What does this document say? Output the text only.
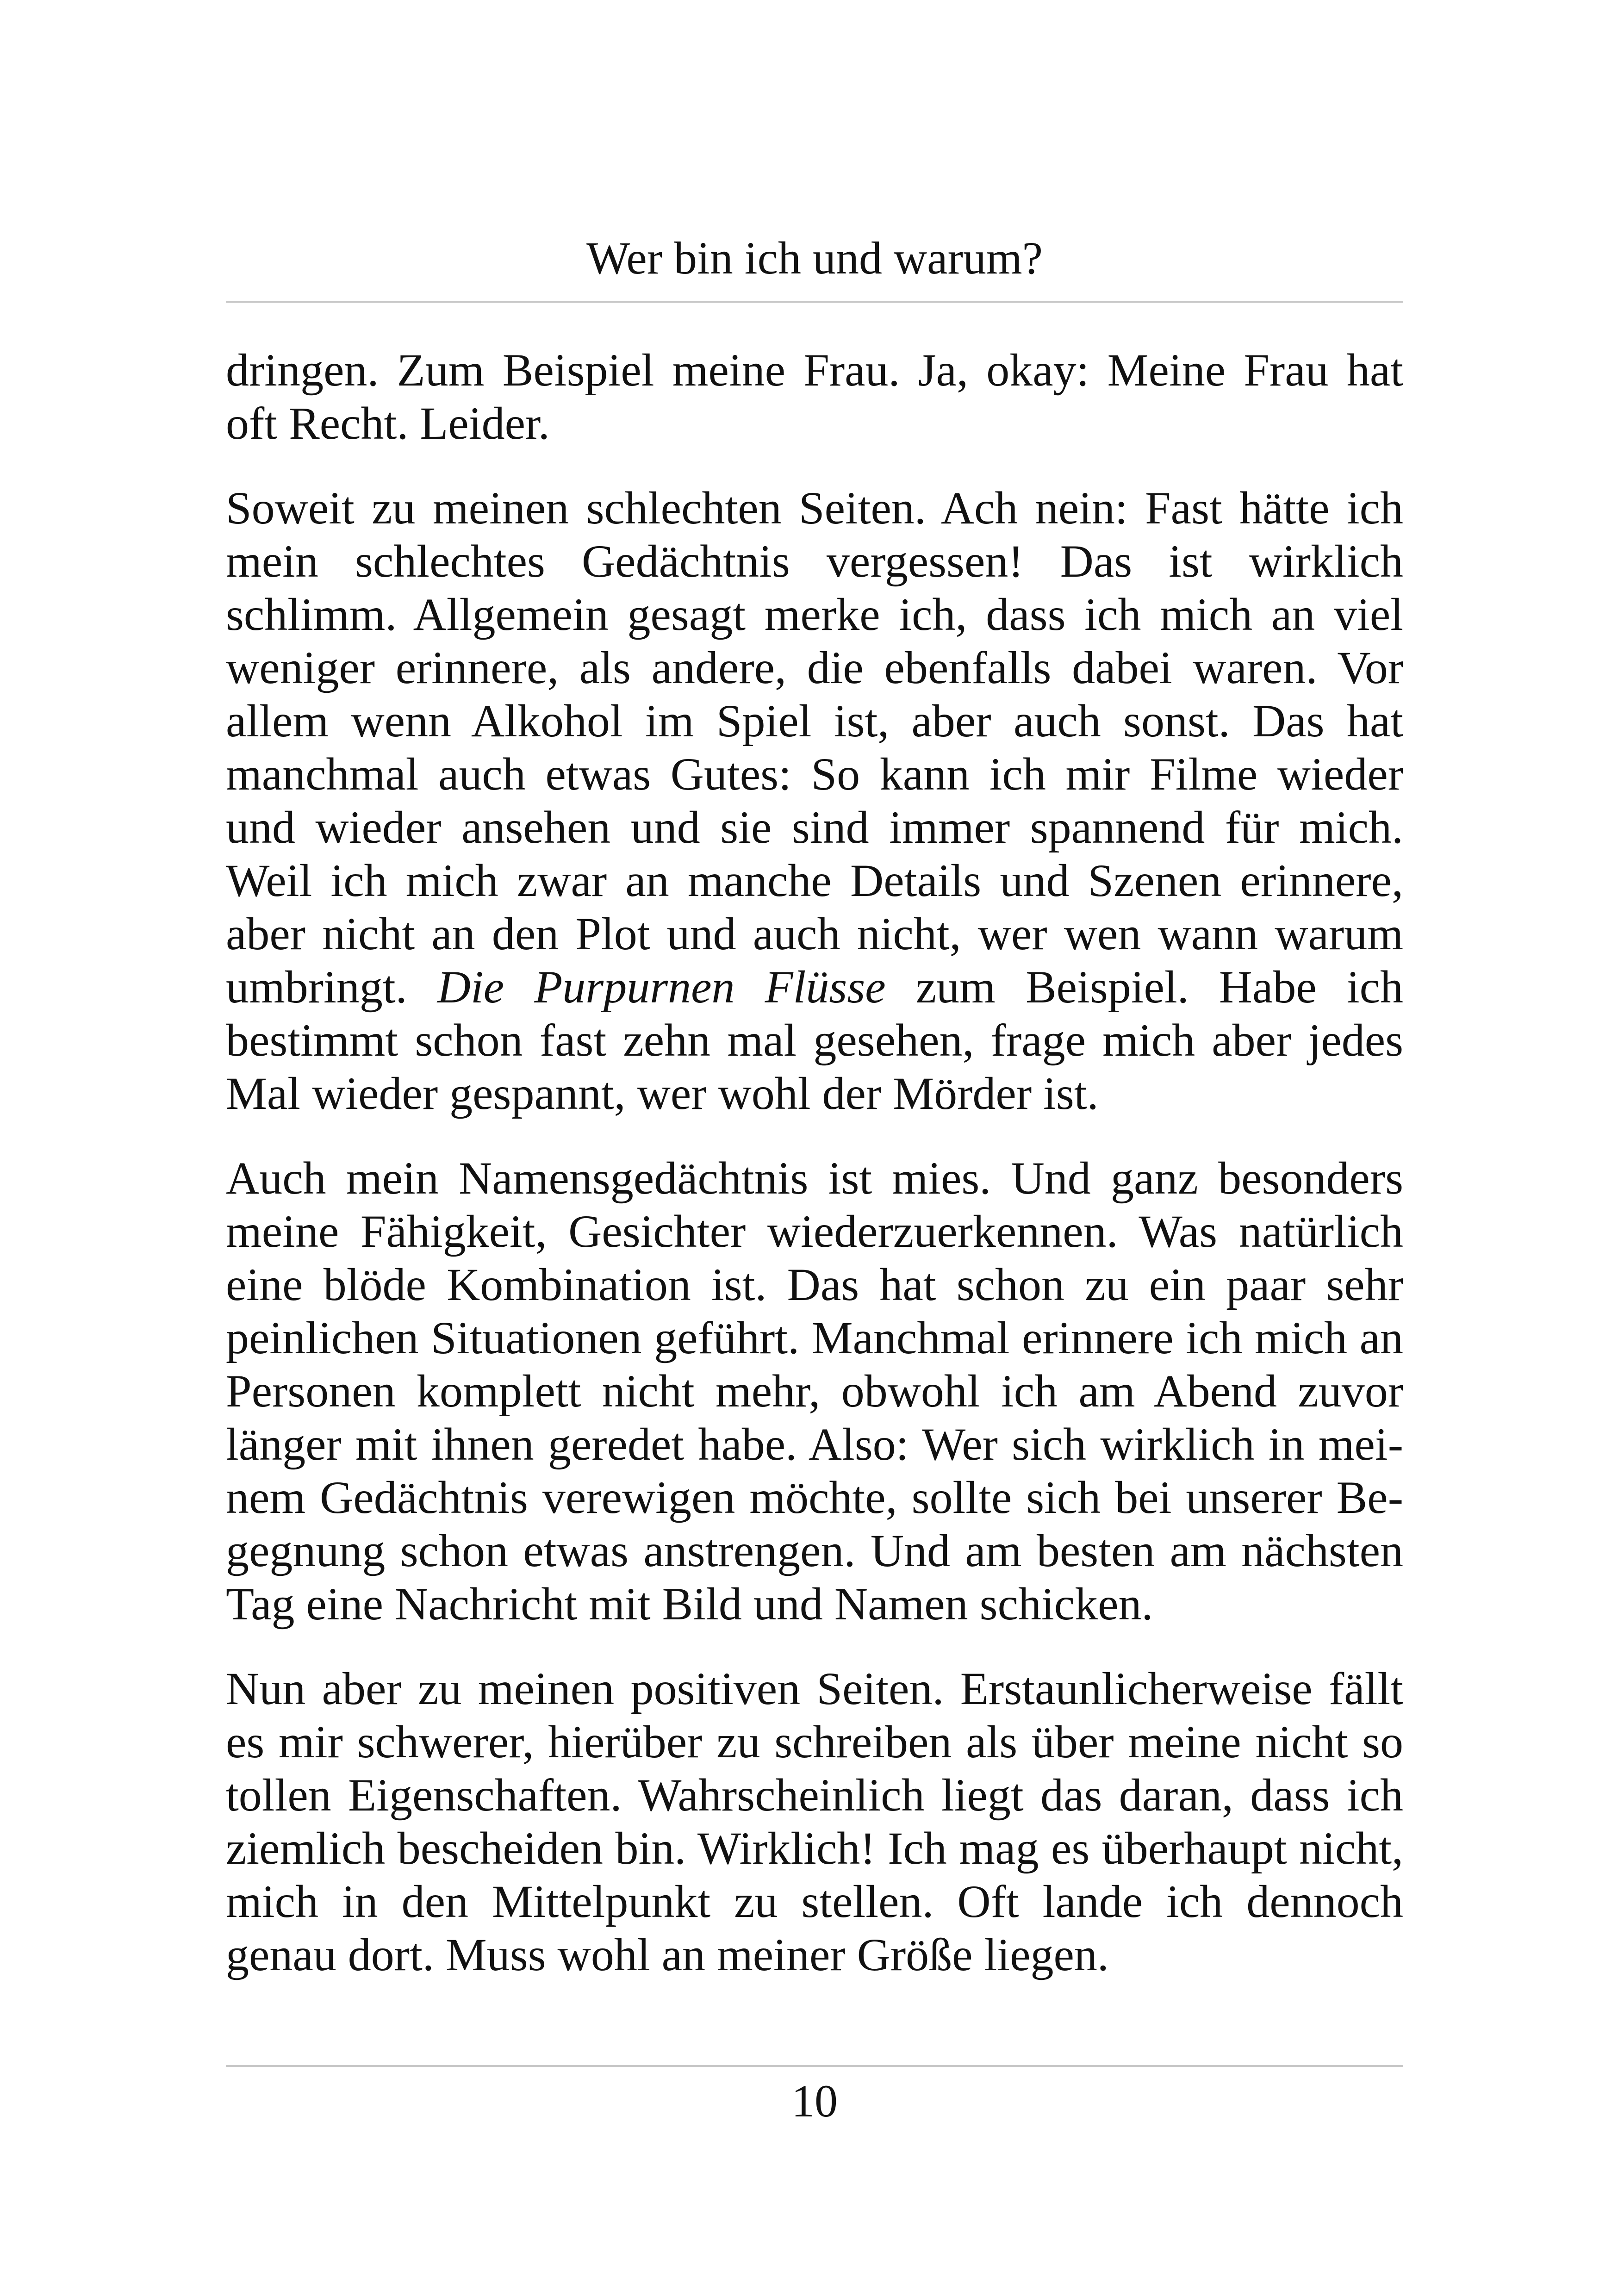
Wer bin ich und warum?

dringen. Zum Beispiel meine Frau. Ja, okay: Meine Frau hat oft Recht. Leider.

Soweit zu meinen schlechten Seiten. Ach nein: Fast hätte ich mein schlechtes Gedächtnis vergessen! Das ist wirklich schlimm. Allgemein gesagt merke ich, dass ich mich an viel weniger erinnere, als andere, die ebenfalls dabei waren. Vor allem wenn Alkohol im Spiel ist, aber auch sonst. Das hat manchmal auch etwas Gutes: So kann ich mir Filme wieder und wieder ansehen und sie sind immer spannend für mich. Weil ich mich zwar an manche Details und Szenen erinnere, aber nicht an den Plot und auch nicht, wer wen wann warum umbringt. Die Purpurnen Flüsse zum Beispiel. Habe ich bestimmt schon fast zehn mal gesehen, frage mich aber jedes Mal wieder gespannt, wer wohl der Mörder ist.

Auch mein Namensgedächtnis ist mies. Und ganz besonders meine Fähigkeit, Gesichter wiederzuerkennen. Was natürlich eine blöde Kombination ist. Das hat schon zu ein paar sehr peinlichen Situationen geführt. Manchmal erinnere ich mich an Personen komplett nicht mehr, obwohl ich am Abend zuvor länger mit ihnen geredet habe. Also: Wer sich wirklich in meinem Gedächtnis verewigen möchte, sollte sich bei unserer Begegnung schon etwas anstrengen. Und am besten am nächsten Tag eine Nachricht mit Bild und Namen schicken.

Nun aber zu meinen positiven Seiten. Erstaunlicherweise fällt es mir schwerer, hierüber zu schreiben als über meine nicht so tollen Eigenschaften. Wahrscheinlich liegt das daran, dass ich ziemlich bescheiden bin. Wirklich! Ich mag es überhaupt nicht, mich in den Mittelpunkt zu stellen. Oft lande ich dennoch genau dort. Muss wohl an meiner Größe liegen.

10
